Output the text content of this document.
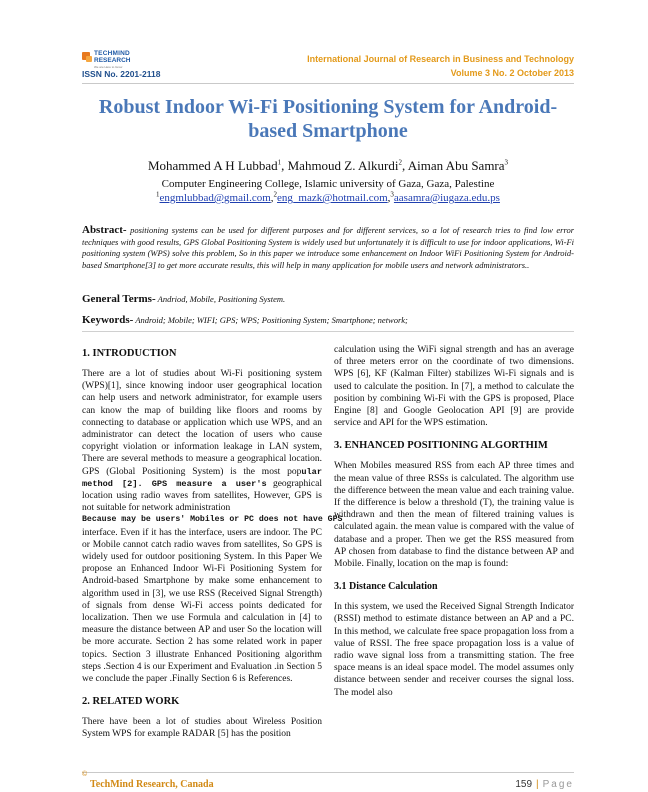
TECHMIND
RESEARCH
We are Here to Grow
ISSN No. 2201-2118
International Journal of Research in Business and Technology
Volume 3 No. 2 October 2013
Robust Indoor Wi-Fi Positioning System for Android-based Smartphone
Mohammed A H Lubbad$^1$, Mahmoud Z. Alkurdi$^2$, Aiman Abu Samra$^3$
Computer Engineering College, Islamic university of Gaza, Gaza, Palestine
$^1$engmlubbad@gmail.com,$^2$eng_mazk@hotmail.com,$^3$aasamra@iugaza.edu.ps
Abstract- positioning systems can be used for different purposes and for different services, so a lot of research tries to find low error techniques with good results, GPS Global Positioning System is widely used but unfortunately it is difficult to use for indoor applications, Wi-Fi positioning system (WPS) solve this problem, So in this paper we introduce some enhancement on Indoor WiFi Positioning System for Android-based Smartphone[3] to get more accurate results, this will help in many application for mobile users and network administrators..
General Terms- Andriod, Mobile, Positioning System.
Keywords- Android; Mobile; WIFI; GPS; WPS; Positioning System; Smartphone; network;
1. INTRODUCTION

There are a lot of studies about Wi-Fi positioning system (WPS)[1], since knowing indoor user geographical location can help users and network administrator, for example users can know the map of building like floors and rooms by connecting to database or application which use WPS, and an administrator can detect the location of users who cause copyright violation or information leakage in LAN system, There are several methods to measure a geographical location. GPS (Global Positioning System) is the most popular method [2]. GPS measure a user's geographical location using radio waves from satellites, However, GPS is not suitable for network administration
Because may be users' Mobiles or PC does not have GPS
interface. Even if it has the interface, users are indoor. The PC or Mobile cannot catch radio waves from satellites, So GPS is widely used for outdoor positioning System. In this Paper We propose an Enhanced Indoor Wi-Fi Positioning System for Android-based Smartphone by make some enhancement to algorithm used in [3], we use RSS (Received Signal Strength) of signals from dense Wi-Fi access points dedicated for localization. Then we use Formula and calculation in [4] to measure the distance between AP and user So the location will be more accurate. Section 2 has some related work in paper topics. Section 3 illustrate Enhanced Positioning algorithm steps .Section 4 is our Experiment and Evaluation .in Section 5 we conclude the paper .Finally Section 6 is References.

2. RELATED WORK

There have been a lot of studies about Wireless Position System WPS for example RADAR [5] has the position

calculation using the WiFi signal strength and has an average of three meters error on the coordinate of two dimensions. WPS [6], KF (Kalman Filter) stabilizes Wi-Fi signals and is used to calculate the position. In [7], a method to calculate the position by combining Wi-Fi with the GPS is proposed, Place Engine [8] and Google Geolocation API [9] are provide service and API for the WPS estimation.

3. ENHANCED POSITIONING ALGORTHIM

When Mobiles measured RSS from each AP three times and the mean value of three RSSs is calculated. The algorithm use the difference between the mean value and each training value. If the difference is below a threshold (T), the training value is withdrawn and then the mean of filtered training values is calculated again. the mean value is compared with the value of database and a proper. Then we get the RSS measured from AP chosen from database to find the distance between AP and Mobile. Finally, location on the map is found:

3.1 Distance Calculation

In this system, we used the Received Signal Strength Indicator (RSSI) method to estimate distance between an AP and a PC. In this method, we calculate free space propagation loss from a value of RSSI. The free space propagation loss is a value of radio wave signal loss from a transmitting station. The free space means is an ideal space model. The model assumes only distance between sender and receiver courses the signal loss. The model also

©
TechMind Research, Canada	159 | Page
